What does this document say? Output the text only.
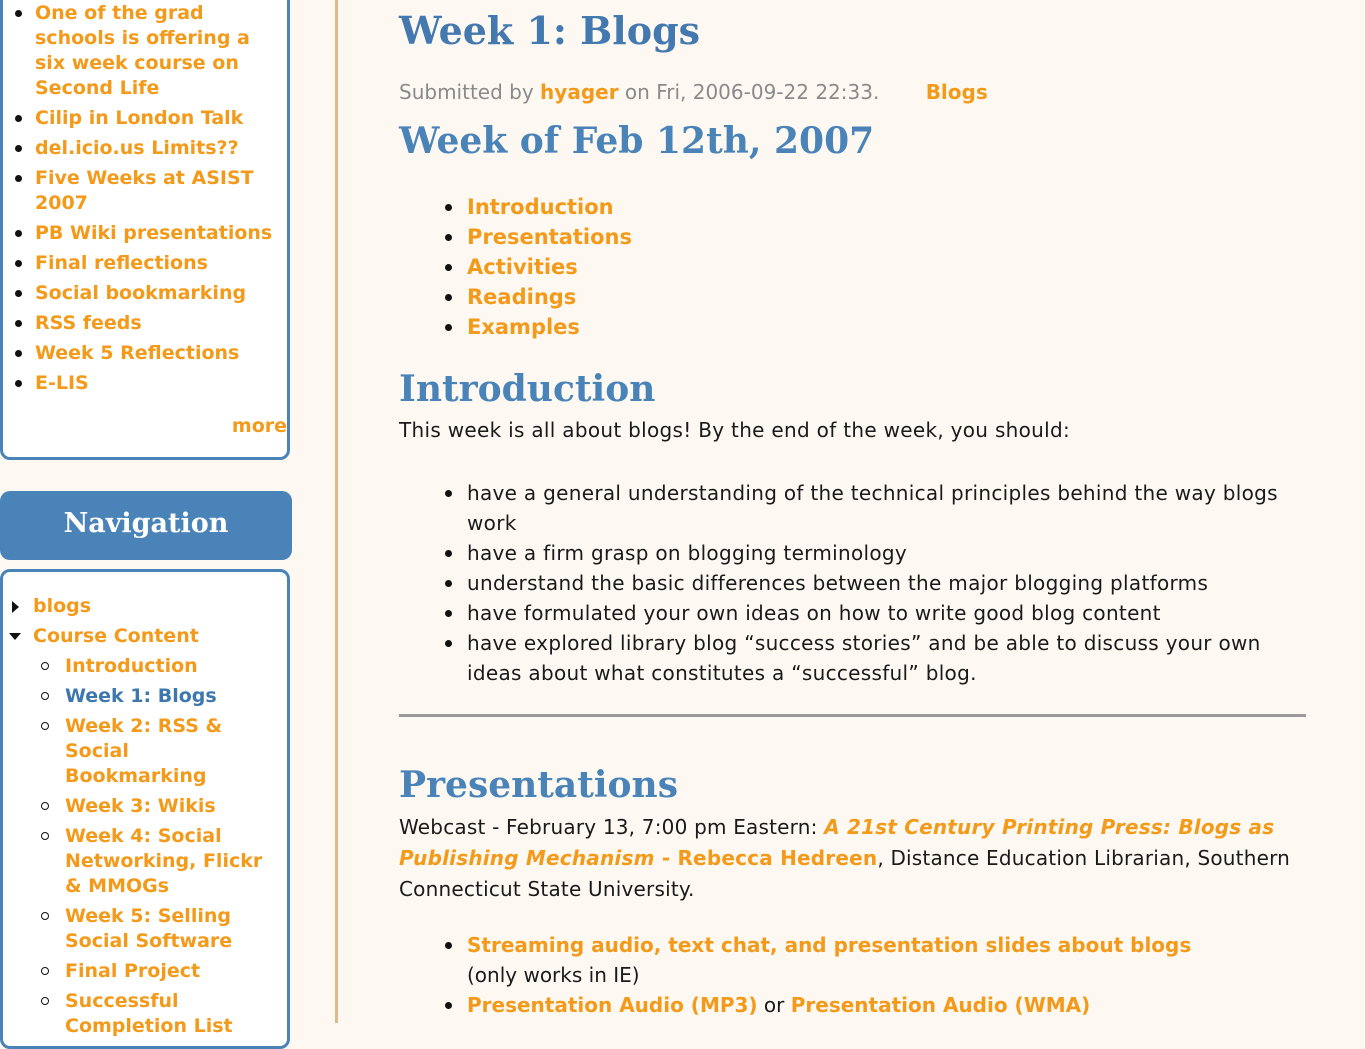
One of the grad schools is offering a six week course on Second Life
Cilip in London Talk
del.icio.us Limits??
Five Weeks at ASIST 2007
PB Wiki presentations
Final reflections
Social bookmarking
RSS feeds
Week 5 Reflections
E-LIS
more
Navigation
blogs
Course Content
Introduction
Week 1: Blogs
Week 2: RSS & Social Bookmarking
Week 3: Wikis
Week 4: Social Networking, Flickr & MMOGs
Week 5: Selling Social Software
Final Project
Successful Completion List
Week 1: Blogs
Submitted by hyager on Fri, 2006-09-22 22:33. Blogs
Week of Feb 12th, 2007
Introduction
Presentations
Activities
Readings
Examples
Introduction
This week is all about blogs! By the end of the week, you should:
have a general understanding of the technical principles behind the way blogs work
have a firm grasp on blogging terminology
understand the basic differences between the major blogging platforms
have formulated your own ideas on how to write good blog content
have explored library blog “success stories” and be able to discuss your own ideas about what constitutes a “successful” blog.
Presentations
Webcast - February 13, 7:00 pm Eastern: A 21st Century Printing Press: Blogs as Publishing Mechanism - Rebecca Hedreen, Distance Education Librarian, Southern Connecticut State University.
Streaming audio, text chat, and presentation slides about blogs
(only works in IE)
Presentation Audio (MP3) or Presentation Audio (WMA)
